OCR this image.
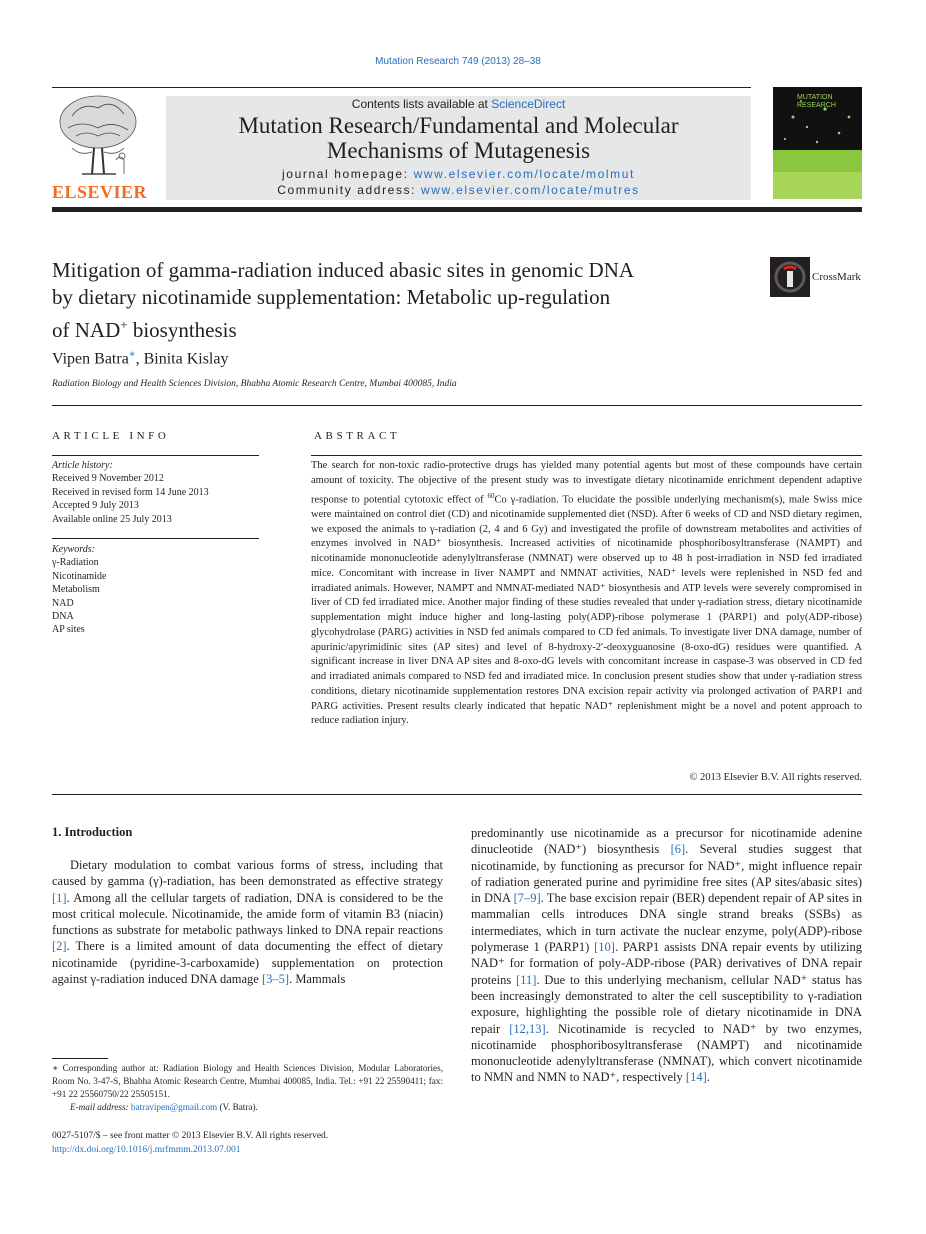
Mutation Research 749 (2013) 28–38
ELSEVIER
Contents lists available at ScienceDirect
Mutation Research/Fundamental and Molecular
Mechanisms of Mutagenesis
journal homepage: www.elsevier.com/locate/molmut
Community address: www.elsevier.com/locate/mutres
MUTATION RESEARCH
Mitigation of gamma-radiation induced abasic sites in genomic DNA
by dietary nicotinamide supplementation: Metabolic up-regulation
of NAD+ biosynthesis
CrossMark
Vipen Batra∗, Binita Kislay
Radiation Biology and Health Sciences Division, Bhabha Atomic Research Centre, Mumbai 400085, India
ARTICLE INFO	ABSTRACT
Article history:
Received 9 November 2012
Received in revised form 14 June 2013
Accepted 9 July 2013
Available online 25 July 2013
Keywords:
γ-Radiation
Nicotinamide
Metabolism
NAD
DNA
AP sites
The search for non-toxic radio-protective drugs has yielded many potential agents but most of these compounds have certain amount of toxicity. The objective of the present study was to investigate dietary nicotinamide enrichment dependent adaptive response to potential cytotoxic effect of $^{60}$Co γ-radiation. To elucidate the possible underlying mechanism(s), male Swiss mice were maintained on control diet (CD) and nicotinamide supplemented diet (NSD). After 6 weeks of CD and NSD dietary regimen, we exposed the animals to γ-radiation (2, 4 and 6 Gy) and investigated the profile of downstream metabolites and activities of enzymes involved in NAD⁺ biosynthesis. Increased activities of nicotinamide phosphoribosyltransferase (NAMPT) and nicotinamide mononucleotide adenylyltransferase (NMNAT) were observed up to 48 h post-irradiation in NSD fed irradiated mice. Concomitant with increase in liver NAMPT and NMNAT activities, NAD⁺ levels were replenished in NSD fed and irradiated animals. However, NAMPT and NMNAT-mediated NAD⁺ biosynthesis and ATP levels were severely compromised in liver of CD fed irradiated mice. Another major finding of these studies revealed that under γ-radiation stress, dietary nicotinamide supplementation might induce higher and long-lasting poly(ADP)-ribose polymerase 1 (PARP1) and poly(ADP-ribose) glycohydrolase (PARG) activities in NSD fed animals compared to CD fed animals. To investigate liver DNA damage, number of apurinic/apyrimidinic sites (AP sites) and level of 8-hydroxy-2′-deoxyguanosine (8-oxo-dG) residues were quantified. A significant increase in liver DNA AP sites and 8-oxo-dG levels with concomitant increase in caspase-3 was observed in CD fed and irradiated animals compared to NSD fed and irradiated mice. In conclusion present studies show that under γ-radiation stress conditions, dietary nicotinamide supplementation restores DNA excision repair activity via prolonged activation of PARP1 and PARG activities. Present results clearly indicated that hepatic NAD⁺ replenishment might be a novel and potent approach to reduce radiation injury.
© 2013 Elsevier B.V. All rights reserved.
1. Introduction

Dietary modulation to combat various forms of stress, including that caused by gamma (γ)-radiation, has been demonstrated as effective strategy [1]. Among all the cellular targets of radiation, DNA is considered to be the most critical molecule. Nicotinamide, the amide form of vitamin B3 (niacin) functions as substrate for metabolic pathways linked to DNA repair reactions [2]. There is a limited amount of data documenting the effect of dietary nicotinamide (pyridine-3-carboxamide) supplementation on protection against γ-radiation induced DNA damage [3–5]. Mammals

predominantly use nicotinamide as a precursor for nicotinamide adenine dinucleotide (NAD⁺) biosynthesis [6]. Several studies suggest that nicotinamide, by functioning as precursor for NAD⁺, might influence repair of radiation generated purine and pyrimidine free sites (AP sites/abasic sites) in DNA [7–9]. The base excision repair (BER) dependent repair of AP sites in mammalian cells introduces DNA single strand breaks (SSBs) as intermediates, which in turn activate the nuclear enzyme, poly(ADP)-ribose polymerase 1 (PARP1) [10]. PARP1 assists DNA repair events by utilizing NAD⁺ for formation of poly-ADP-ribose (PAR) derivatives of DNA repair proteins [11]. Due to this underlying mechanism, cellular NAD⁺ status has been increasingly demonstrated to alter the cell susceptibility to γ-radiation exposure, highlighting the possible role of dietary nicotinamide in DNA repair [12,13]. Nicotinamide is recycled to NAD⁺ by two enzymes, nicotinamide phosphoribosyltransferase (NAMPT) and nicotinamide mononucleotide adenylyltransferase (NMNAT), which convert nicotinamide to NMN and NMN to NAD⁺, respectively [14].

∗ Corresponding author at: Radiation Biology and Health Sciences Division, Modular Laboratories, Room No. 3-47-S, Bhabha Atomic Research Centre, Mumbai 400085, India. Tel.: +91 22 25590411; fax: +91 22 25560750/22 25505151.
E-mail address: batravipen@gmail.com (V. Batra).
0027-5107/$ – see front matter © 2013 Elsevier B.V. All rights reserved.
http://dx.doi.org/10.1016/j.mrfmmm.2013.07.001
